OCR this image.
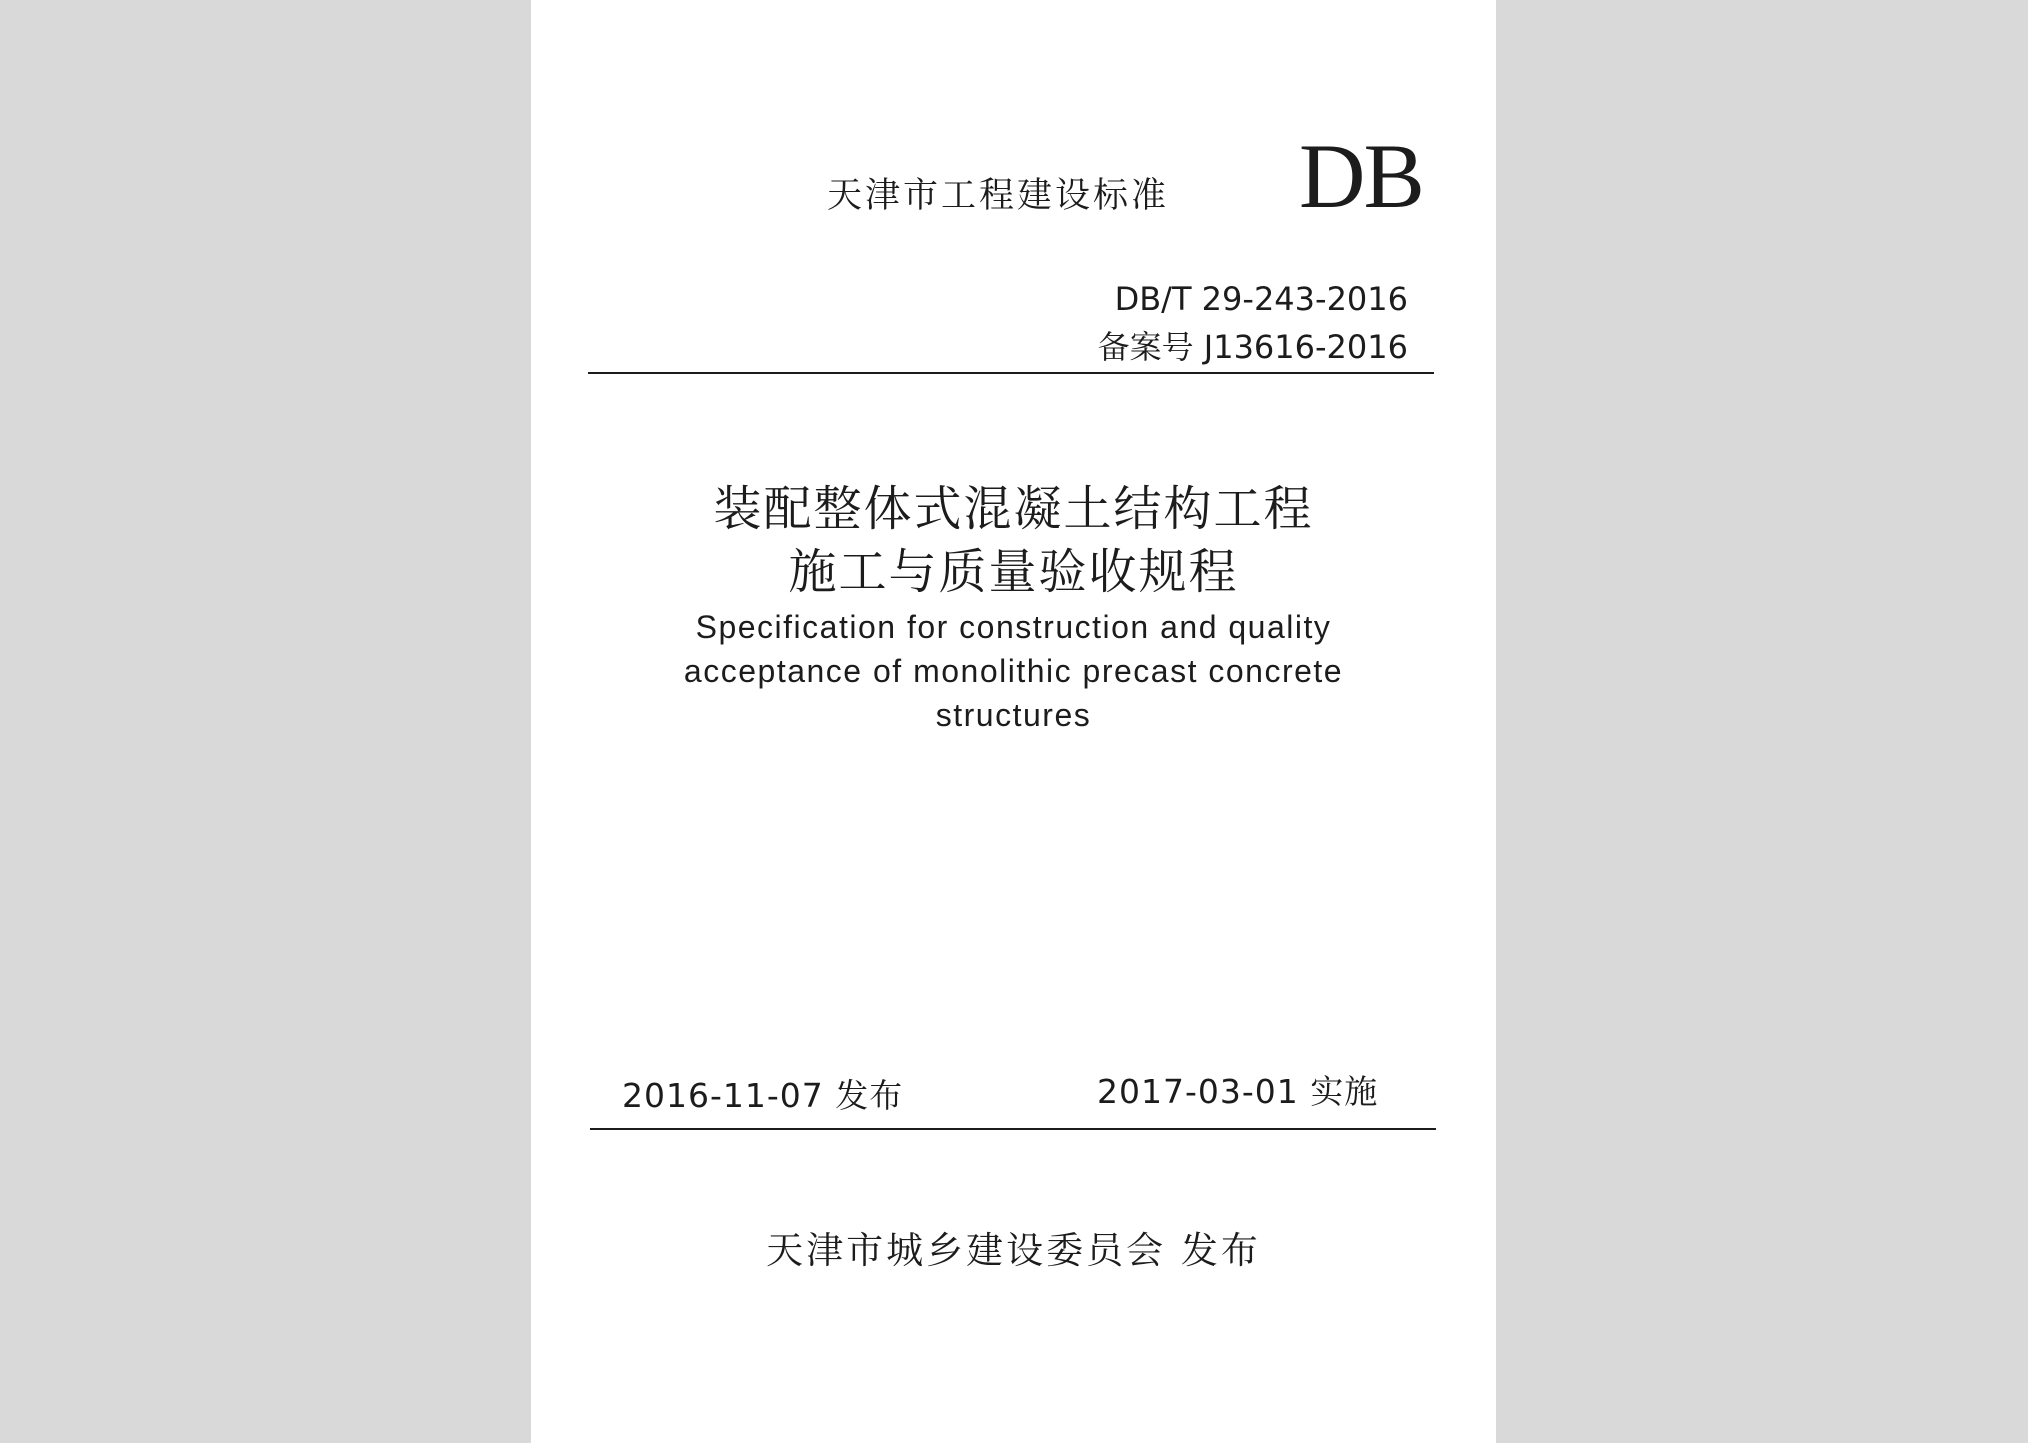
天津市工程建设标准 DB
DB/T 29-243-2016
备案号 J13616-2016
装配整体式混凝土结构工程
施工与质量验收规程
Specification for construction and quality
acceptance of monolithic precast concrete
structures
2016-11-07 发布	2017-03-01 实施
天津市城乡建设委员会 发布
